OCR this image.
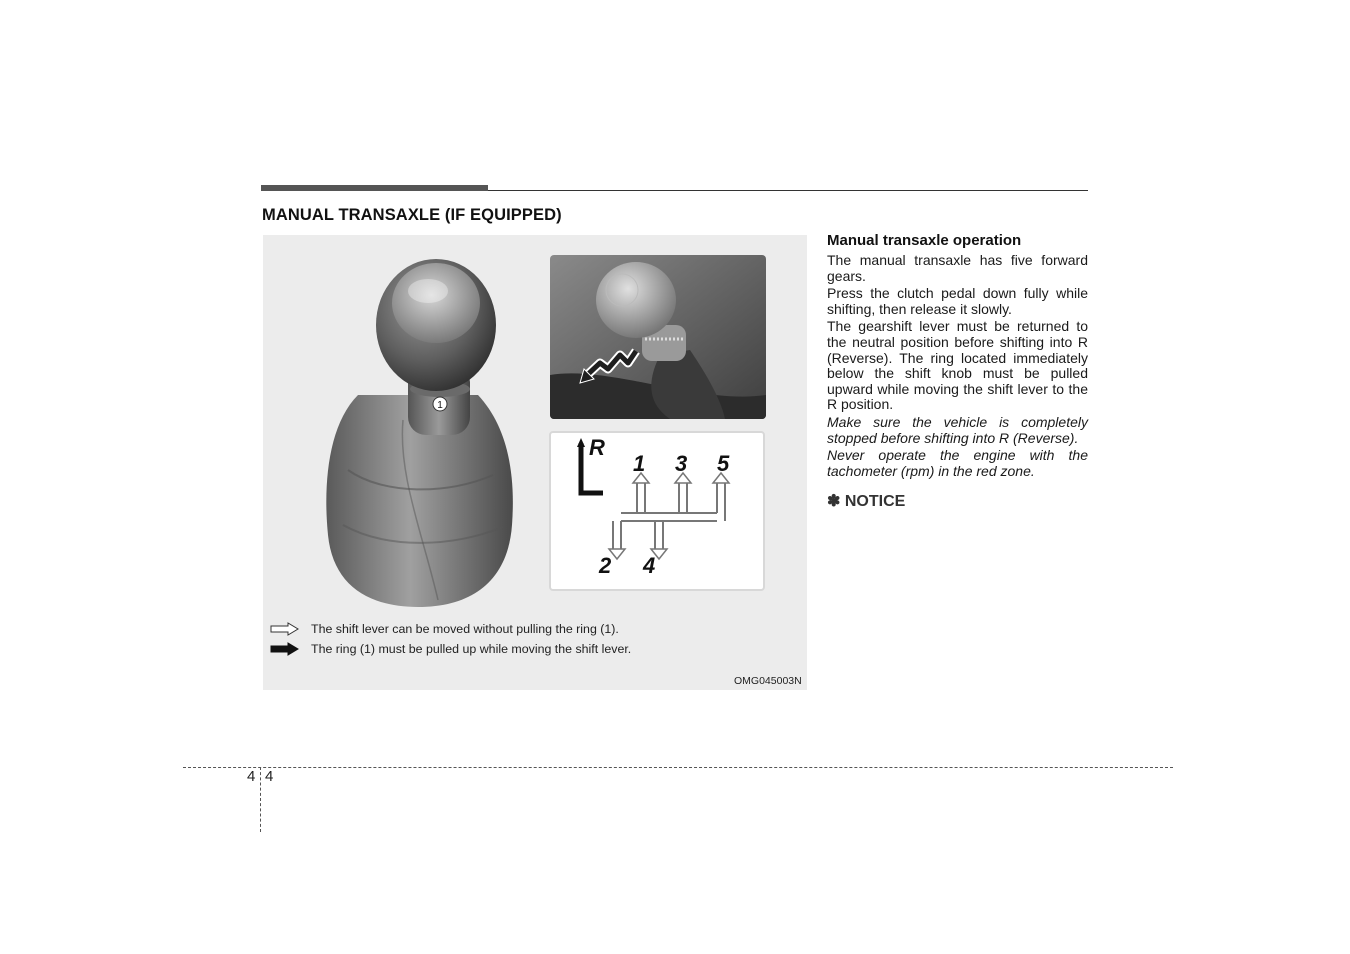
MANUAL TRANSAXLE (IF EQUIPPED)
1
R
1 3 5
2 4
The shift lever can be moved without pulling the ring (1).
The ring (1) must be pulled up while moving the shift lever.
OMG045003N
Manual transaxle operation

The manual transaxle has five forward gears.

Press the clutch pedal down fully while shifting, then release it slowly.

The gearshift lever must be returned to the neutral position before shifting into R (Reverse). The ring located immediately below the shift knob must be pulled upward while moving the shift lever to the R position.

Make sure the vehicle is completely stopped before shifting into R (Reverse).

Never operate the engine with the tachometer (rpm) in the red zone.

✽ NOTICE
4 4
